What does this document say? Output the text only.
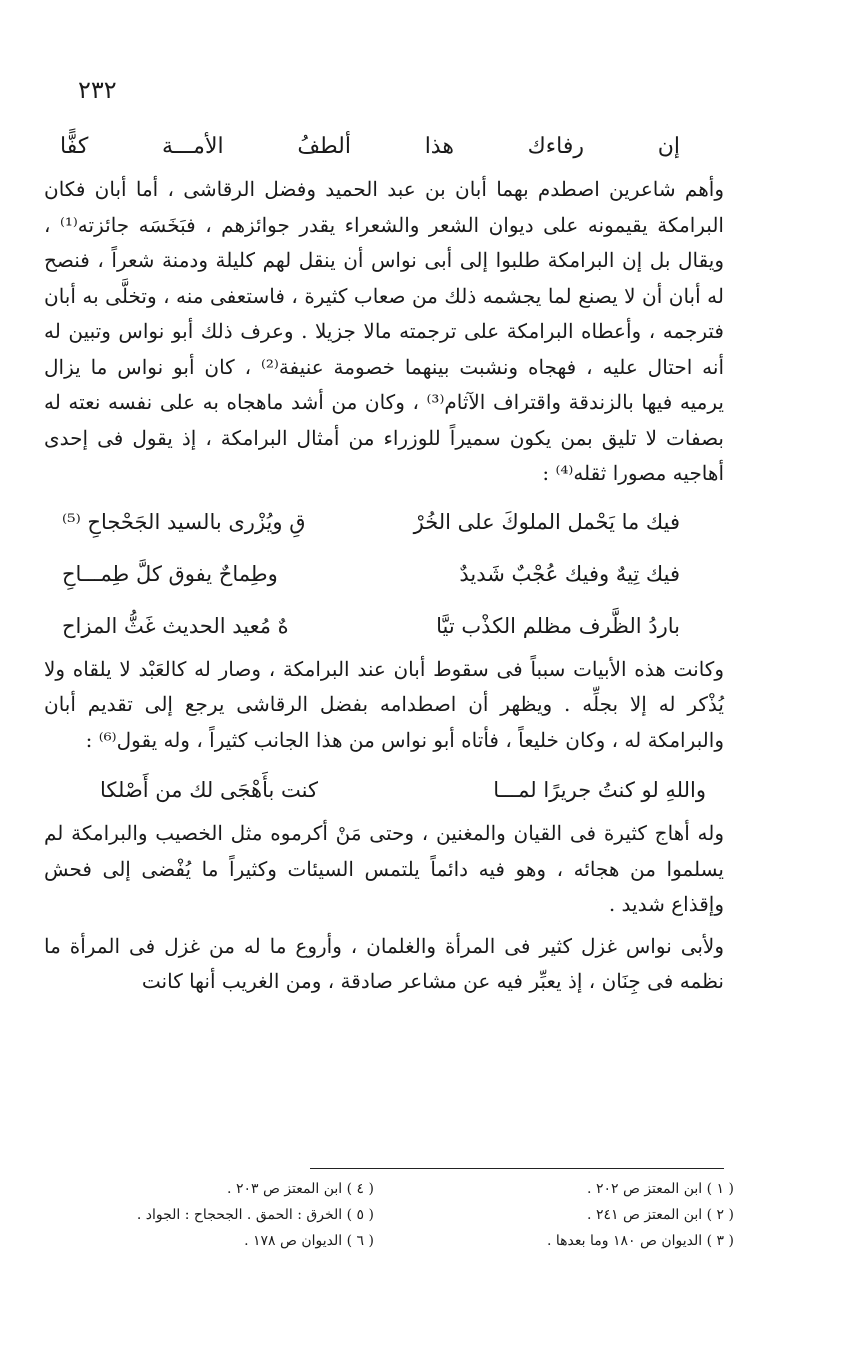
٢٣٢
إن
رفاءك
هذا
ألطفُ
الأمـــة
كفًّا

وأهم شاعرين اصطدم بهما أبان بن عبد الحميد وفضل الرقاشى ، أما أبان فكان البرامكة يقيمونه على ديوان الشعر والشعراء يقدر جوائزهم ، فبَخَسَه جائزته⁽¹⁾ ، ويقال بل إن البرامكة طلبوا إلى أبى نواس أن ينقل لهم كليلة ودمنة شعراً ، فنصح له أبان أن لا يصنع لما يجشمه ذلك من صعاب كثيرة ، فاستعفى منه ، وتخلَّى به أبان فترجمه ، وأعطاه البرامكة على ترجمته مالا جزيلا . وعرف ذلك أبو نواس وتبين له أنه احتال عليه ، فهجاه ونشبت بينهما خصومة عنيفة⁽²⁾ ، كان أبو نواس ما يزال يرميه فيها بالزندقة واقتراف الآثام⁽³⁾ ، وكان من أشد ماهجاه به على نفسه نعته له بصفات لا تليق بمن يكون سميراً للوزراء من أمثال البرامكة ، إذ يقول فى إحدى أهاجيه مصورا ثقله⁽⁴⁾ :

فيك ما يَحْمل الملوكَ على الخُرْ
قِ ويُزْرى بالسيد الجَحْجاحِ ⁽⁵⁾
فيك تِيهٌ وفيك عُجْبٌ شَديدٌ
وطِماحٌ يفوق كلَّ طِمـــاحِ
باردُ الظَّرف مظلم الكذْب تيَّا
هٌ مُعيد الحديث غَثُّ المزاح

وكانت هذه الأبيات سبباً فى سقوط أبان عند البرامكة ، وصار له كالعَبْد لا يلقاه ولا يُذْكر له إلا بجلِّه . ويظهر أن اصطدامه بفضل الرقاشى يرجع إلى تقديم أبان والبرامكة له ، وكان خليعاً ، فأتاه أبو نواس من هذا الجانب كثيراً ، وله يقول⁽⁶⁾ :

واللهِ لو كنتُ جريرًا لمـــا
كنت بأَهْجَى لك من أَصْلكا

وله أهاج كثيرة فى القيان والمغنين ، وحتى مَنْ أكرموه مثل الخصيب والبرامكة لم يسلموا من هجائه ، وهو فيه دائماً يلتمس السيئات وكثيراً ما يُفْضى إلى فحش وإقذاع شديد .

ولأبى نواس غزل كثير فى المرأة والغلمان ، وأروع ما له من غزل فى المرأة ما نظمه فى جِنَان ، إذ يعبِّر فيه عن مشاعر صادقة ، ومن الغريب أنها كانت

( ١ ) ابن المعتز ص ٢٠٢ .
( ٢ ) ابن المعتز ص ٢٤١ .
( ٣ ) الديوان ص ١٨٠ وما بعدها .
( ٤ ) ابن المعتز ص ٢٠٣ .
( ٥ ) الخرق : الحمق . الجحجاح : الجواد .
( ٦ ) الديوان ص ١٧٨ .
